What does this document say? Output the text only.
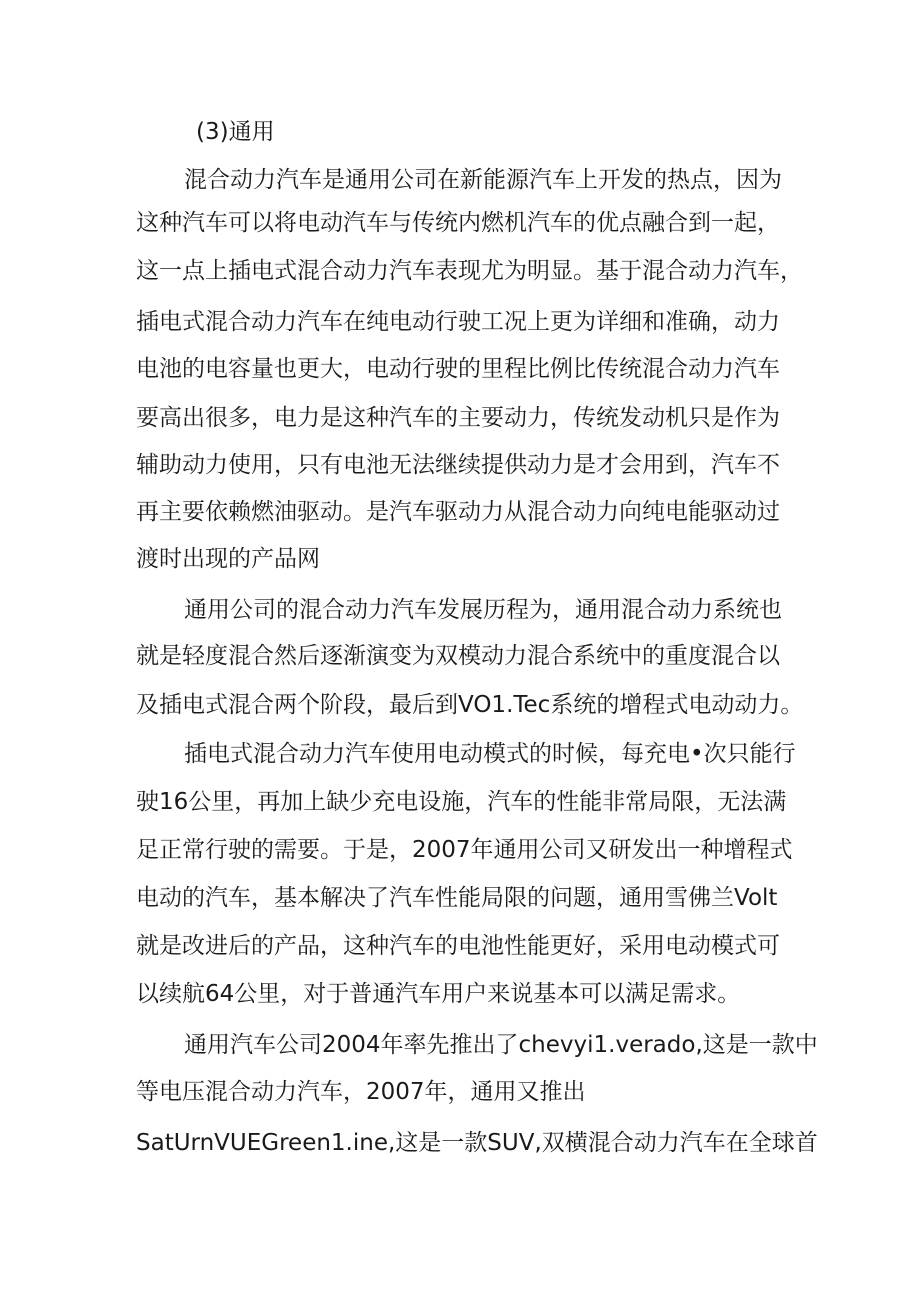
(3)通用
混合动力汽车是通用公司在新能源汽车上开发的热点，因为
这种汽车可以将电动汽车与传统内燃机汽车的优点融合到一起，
这一点上插电式混合动力汽车表现尤为明显。基于混合动力汽车，
插电式混合动力汽车在纯电动行驶工况上更为详细和准确，动力
电池的电容量也更大，电动行驶的里程比例比传统混合动力汽车
要高出很多，电力是这种汽车的主要动力，传统发动机只是作为
辅助动力使用，只有电池无法继续提供动力是才会用到，汽车不
再主要依赖燃油驱动。是汽车驱动力从混合动力向纯电能驱动过
渡时出现的产品网
通用公司的混合动力汽车发展历程为，通用混合动力系统也
就是轻度混合然后逐渐演变为双模动力混合系统中的重度混合以
及插电式混合两个阶段，最后到VO1.Tec系统的增程式电动动力。
插电式混合动力汽车使用电动模式的时候，每充电•次只能行
驶16公里，再加上缺少充电设施，汽车的性能非常局限，无法满
足正常行驶的需要。于是，2007年通用公司又研发出一种增程式
电动的汽车，基本解决了汽车性能局限的问题，通用雪佛兰Volt
就是改进后的产品，这种汽车的电池性能更好，采用电动模式可
以续航64公里，对于普通汽车用户来说基本可以满足需求。
通用汽车公司2004年率先推出了chevyi1.verado,这是一款中
等电压混合动力汽车，2007年，通用又推出
SatUrnVUEGreen1.ine,这是一款SUV,双横混合动力汽车在全球首
